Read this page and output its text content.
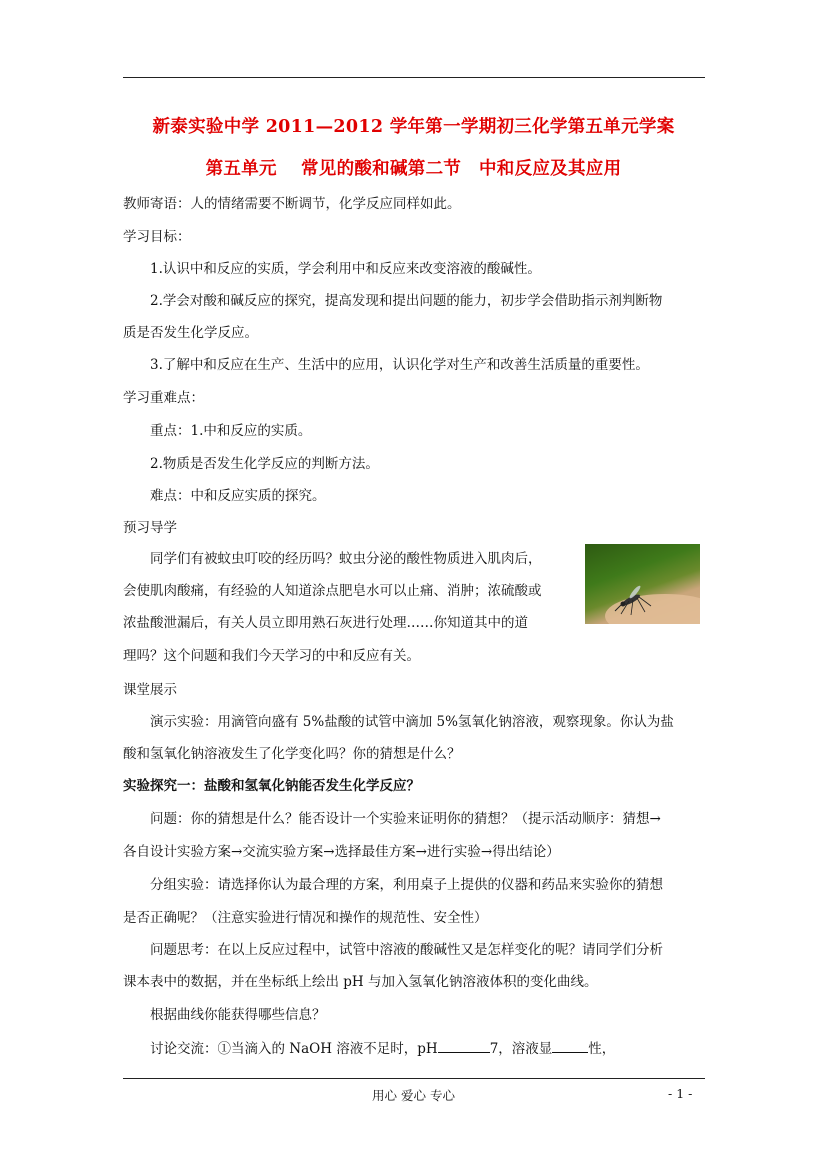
新泰实验中学 2011—2012 学年第一学期初三化学第五单元学案
第五单元　 常见的酸和碱第二节　中和反应及其应用
教师寄语：人的情绪需要不断调节，化学反应同样如此。
学习目标：
1.认识中和反应的实质，学会利用中和反应来改变溶液的酸碱性。
2.学会对酸和碱反应的探究，提高发现和提出问题的能力，初步学会借助指示剂判断物
质是否发生化学反应。
3.了解中和反应在生产、生活中的应用，认识化学对生产和改善生活质量的重要性。
学习重难点：
重点：1.中和反应的实质。
2.物质是否发生化学反应的判断方法。
难点：中和反应实质的探究。
预习导学
同学们有被蚊虫叮咬的经历吗？蚊虫分泌的酸性物质进入肌肉后，
会使肌肉酸痛，有经验的人知道涂点肥皂水可以止痛、消肿；浓硫酸或
浓盐酸泄漏后，有关人员立即用熟石灰进行处理……你知道其中的道
理吗？这个问题和我们今天学习的中和反应有关。
课堂展示
演示实验：用滴管向盛有 5%盐酸的试管中滴加 5%氢氧化钠溶液，观察现象。你认为盐
酸和氢氧化钠溶液发生了化学变化吗？你的猜想是什么？
实验探究一：盐酸和氢氧化钠能否发生化学反应？
问题：你的猜想是什么？能否设计一个实验来证明你的猜想？（提示活动顺序：猜想→
各自设计实验方案→交流实验方案→选择最佳方案→进行实验→得出结论）
分组实验：请选择你认为最合理的方案，利用桌子上提供的仪器和药品来实验你的猜想
是否正确呢？（注意实验进行情况和操作的规范性、安全性）
问题思考：在以上反应过程中，试管中溶液的酸碱性又是怎样变化的呢？请同学们分析
课本表中的数据，并在坐标纸上绘出 pH 与加入氢氧化钠溶液体积的变化曲线。
根据曲线你能获得哪些信息？
讨论交流：①当滴入的 NaOH 溶液不足时，pH	7，溶液显	性，
用心 爱心 专心	- 1 -
